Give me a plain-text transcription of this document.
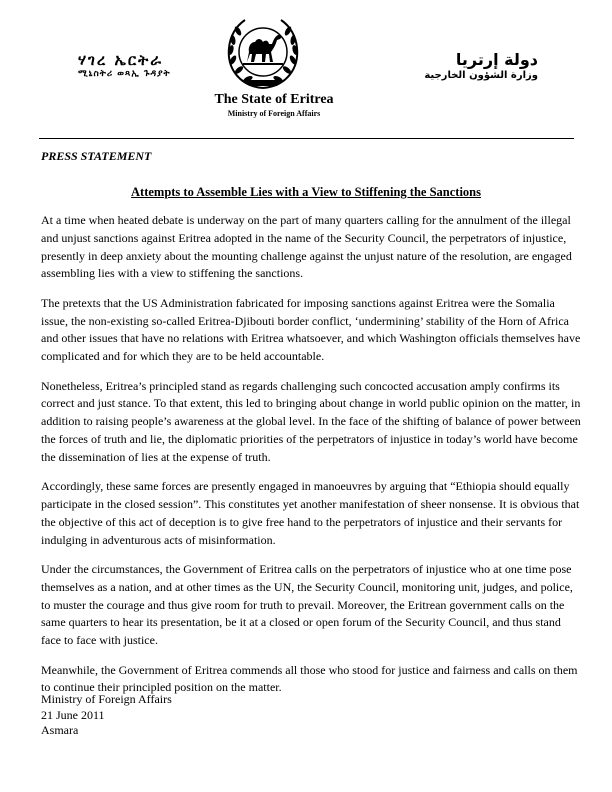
ሃገረ ኤርትራ
ሚኒስትሪ ወጻኢ ጉዳያት
دولة إرتريا
وزارة الشؤون الخارجية
The State of Eritrea
Ministry of Foreign Affairs
PRESS STATEMENT
Attempts to Assemble Lies with a View to Stiffening the Sanctions

At a time when heated debate is underway on the part of many quarters calling for the annulment of the illegal and unjust sanctions against Eritrea adopted in the name of the Security Council, the perpetrators of injustice, presently in deep anxiety about the mounting challenge against the unjust nature of the resolution, are engaged assembling lies with a view to stiffening the sanctions.

The pretexts that the US Administration fabricated for imposing sanctions against Eritrea were the Somalia issue, the non-existing so-called Eritrea-Djibouti border conflict, ‘undermining’ stability of the Horn of Africa and other issues that have no relations with Eritrea whatsoever, and which Washington officials themselves have complicated and for which they are to be held accountable.

Nonetheless, Eritrea’s principled stand as regards challenging such concocted accusation amply confirms its correct and just stance. To that extent, this led to bringing about change in world public opinion on the matter, in addition to raising people’s awareness at the global level. In the face of the shifting of balance of power between the forces of truth and lie, the diplomatic priorities of the perpetrators of injustice in today’s world have become the dissemination of lies at the expense of truth.

Accordingly, these same forces are presently engaged in manoeuvres by arguing that “Ethiopia should equally participate in the closed session”. This constitutes yet another manifestation of sheer nonsense. It is obvious that the objective of this act of deception is to give free hand to the perpetrators of injustice and their servants for indulging in adventurous acts of misinformation.

Under the circumstances, the Government of Eritrea calls on the perpetrators of injustice who at one time pose themselves as a nation, and at other times as the UN, the Security Council, monitoring unit, judges, and police, to muster the courage and thus give room for truth to prevail. Moreover, the Eritrean government calls on the same quarters to hear its presentation, be it at a closed or open forum of the Security Council, and thus stand face to face with justice.

Meanwhile, the Government of Eritrea commends all those who stood for justice and fairness and calls on them to continue their principled position on the matter.

Ministry of Foreign Affairs
21 June 2011
Asmara
